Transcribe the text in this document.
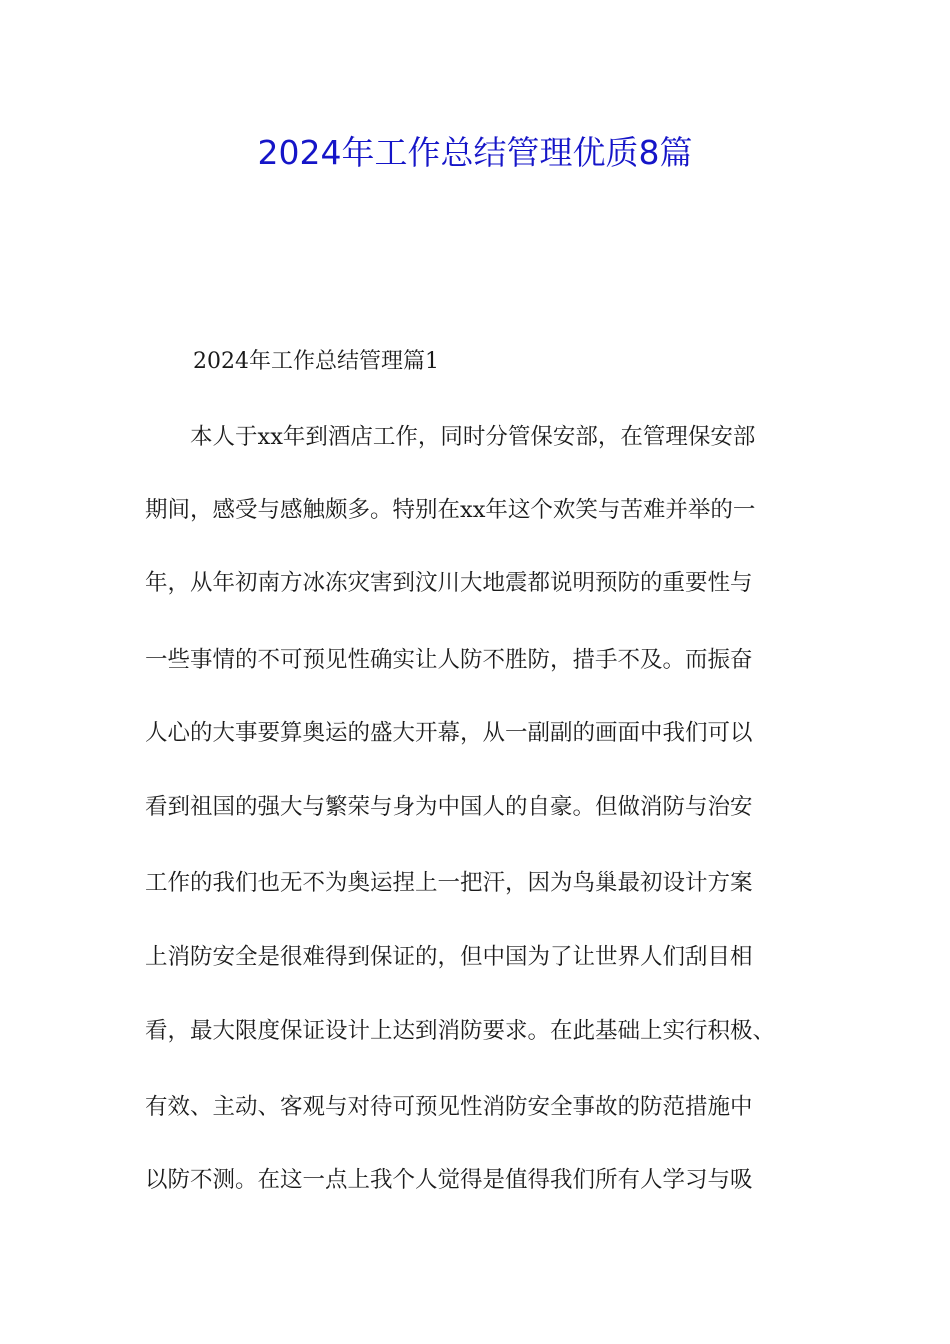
2024年工作总结管理优质8篇

2024年工作总结管理篇1

　　本人于xx年到酒店工作，同时分管保安部，在管理保安部

期间，感受与感触颇多。特别在xx年这个欢笑与苦难并举的一

年，从年初南方冰冻灾害到汶川大地震都说明预防的重要性与

一些事情的不可预见性确实让人防不胜防，措手不及。而振奋

人心的大事要算奥运的盛大开幕，从一副副的画面中我们可以

看到祖国的强大与繁荣与身为中国人的自豪。但做消防与治安

工作的我们也无不为奥运捏上一把汗，因为鸟巢最初设计方案

上消防安全是很难得到保证的，但中国为了让世界人们刮目相

看，最大限度保证设计上达到消防要求。在此基础上实行积极、

有效、主动、客观与对待可预见性消防安全事故的防范措施中

以防不测。在这一点上我个人觉得是值得我们所有人学习与吸
